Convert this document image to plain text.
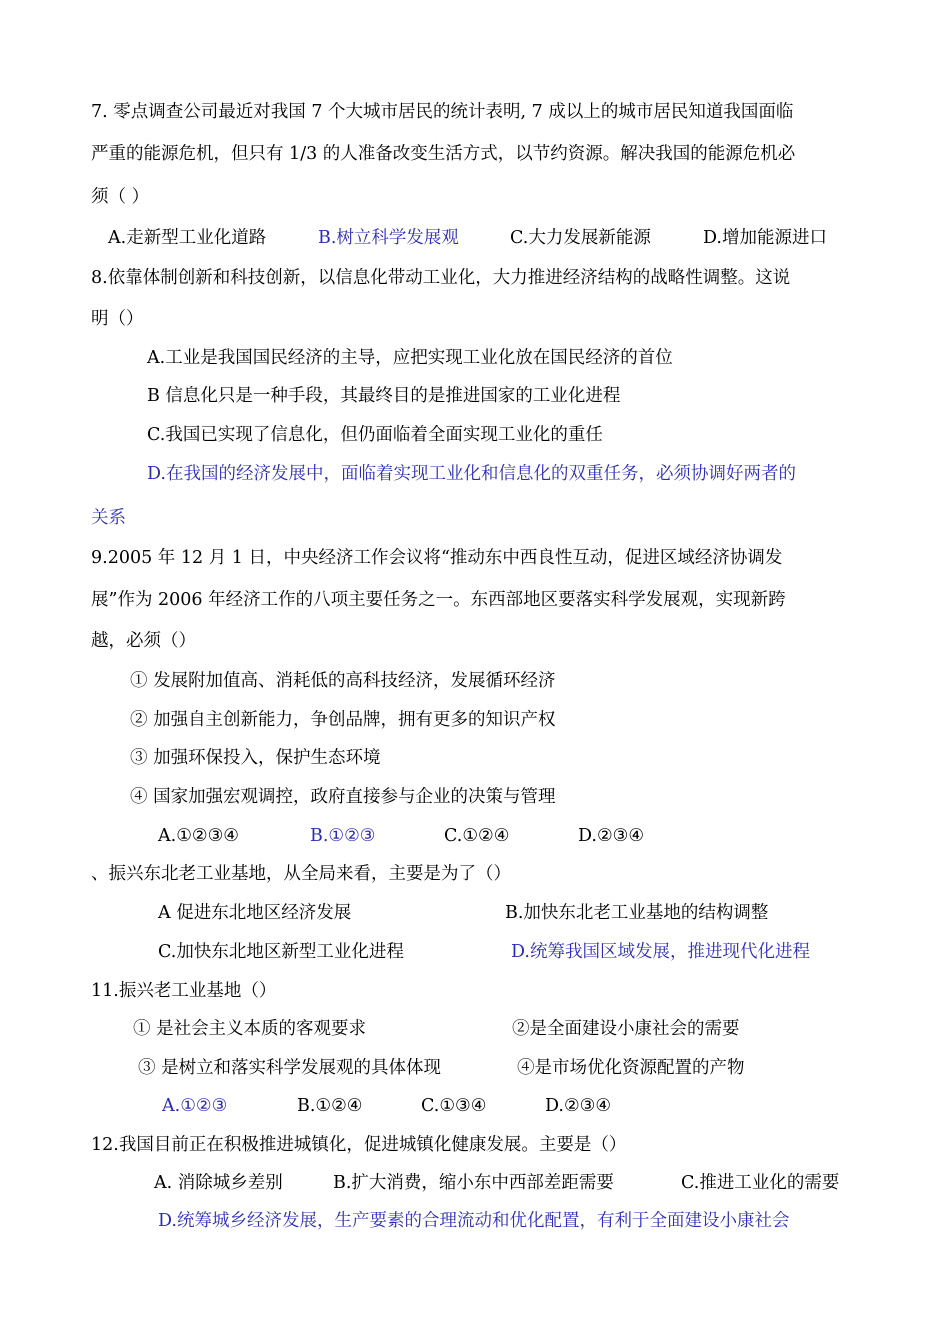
7. 零点调查公司最近对我国 7 个大城市居民的统计表明, 7 成以上的城市居民知道我国面临
严重的能源危机，但只有 1/3 的人准备改变生活方式，以节约资源。解决我国的能源危机必
须（ ）
A.走新型工业化道路	B.树立科学发展观	C.大力发展新能源	D.增加能源进口
8.依靠体制创新和科技创新，以信息化带动工业化，大力推进经济结构的战略性调整。这说
明（）
A.工业是我国国民经济的主导，应把实现工业化放在国民经济的首位
B 信息化只是一种手段，其最终目的是推进国家的工业化进程
C.我国已实现了信息化，但仍面临着全面实现工业化的重任
D.在我国的经济发展中，面临着实现工业化和信息化的双重任务，必须协调好两者的
关系
9.2005 年 12 月 1 日，中央经济工作会议将“推动东中西良性互动，促进区域经济协调发
展”作为 2006 年经济工作的八项主要任务之一。东西部地区要落实科学发展观，实现新跨
越，必须（）
① 发展附加值高、消耗低的高科技经济，发展循环经济
② 加强自主创新能力，争创品牌，拥有更多的知识产权
③ 加强环保投入，保护生态环境
④ 国家加强宏观调控，政府直接参与企业的决策与管理
A.①②③④	B.①②③	C.①②④	D.②③④
、振兴东北老工业基地，从全局来看，主要是为了（）
A 促进东北地区经济发展	B.加快东北老工业基地的结构调整
C.加快东北地区新型工业化进程	D.统筹我国区域发展，推进现代化进程
11.振兴老工业基地（）
① 是社会主义本质的客观要求	②是全面建设小康社会的需要
③ 是树立和落实科学发展观的具体体现	④是市场优化资源配置的产物
A.①②③	B.①②④	C.①③④	D.②③④
12.我国目前正在积极推进城镇化，促进城镇化健康发展。主要是（）
A. 消除城乡差别	B.扩大消费，缩小东中西部差距需要	C.推进工业化的需要
D.统筹城乡经济发展，生产要素的合理流动和优化配置，有利于全面建设小康社会
